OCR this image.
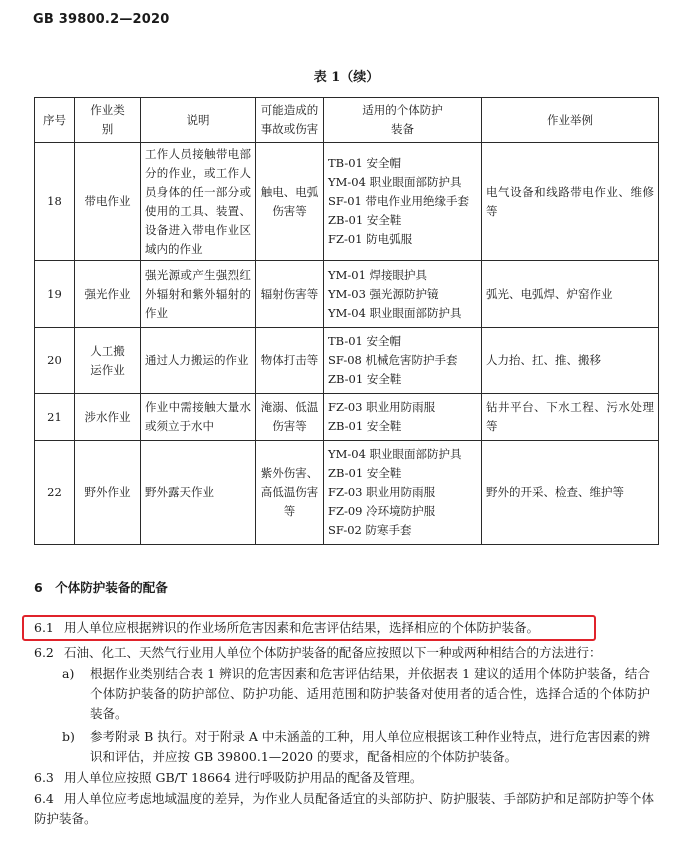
GB 39800.2—2020
表 1（续）
序号	作业类别	说明	可能造成的事故或伤害	适用的个体防护装备	作业举例
18	带电作业	工作人员接触带电部分的作业，或工作人员身体的任一部分或使用的工具、装置、设备进入带电作业区域内的作业	触电、电弧伤害等	TB-01 安全帽
YM-04 职业眼面部防护具
SF-01 带电作业用绝缘手套
ZB-01 安全鞋
FZ-01 防电弧服	电气设备和线路带电作业、维修等
19	强光作业	强光源或产生强烈红外辐射和紫外辐射的作业	辐射伤害等	YM-01 焊接眼护具
YM-03 强光源防护镜
YM-04 职业眼面部防护具	弧光、电弧焊、炉窑作业
20	人工搬运作业	通过人力搬运的作业	物体打击等	TB-01 安全帽
SF-08 机械危害防护手套
ZB-01 安全鞋	人力抬、扛、推、搬移
21	涉水作业	作业中需接触大量水或须立于水中	淹溺、低温伤害等	FZ-03 职业用防雨服
ZB-01 安全鞋	钻井平台、下水工程、污水处理等
22	野外作业	野外露天作业	紫外伤害、高低温伤害等	YM-04 职业眼面部防护具
ZB-01 安全鞋
FZ-03 职业用防雨服
FZ-09 冷环境防护服
SF-02 防寒手套	野外的开采、检查、维护等
6　个体防护装备的配备
6.1 用人单位应根据辨识的作业场所危害因素和危害评估结果，选择相应的个体防护装备。
6.2 石油、化工、天然气行业用人单位个体防护装备的配备应按照以下一种或两种相结合的方法进行：
a) 根据作业类别结合表 1 辨识的危害因素和危害评估结果，并依据表 1 建议的适用个体防护装备，结合个体防护装备的防护部位、防护功能、适用范围和防护装备对使用者的适合性，选择合适的个体防护装备。
b) 参考附录 B 执行。对于附录 A 中未涵盖的工种，用人单位应根据该工种作业特点，进行危害因素的辨识和评估，并应按 GB 39800.1—2020 的要求，配备相应的个体防护装备。
6.3 用人单位应按照 GB/T 18664 进行呼吸防护用品的配备及管理。
6.4 用人单位应考虑地域温度的差异，为作业人员配备适宜的头部防护、防护服装、手部防护和足部防护等个体防护装备。
